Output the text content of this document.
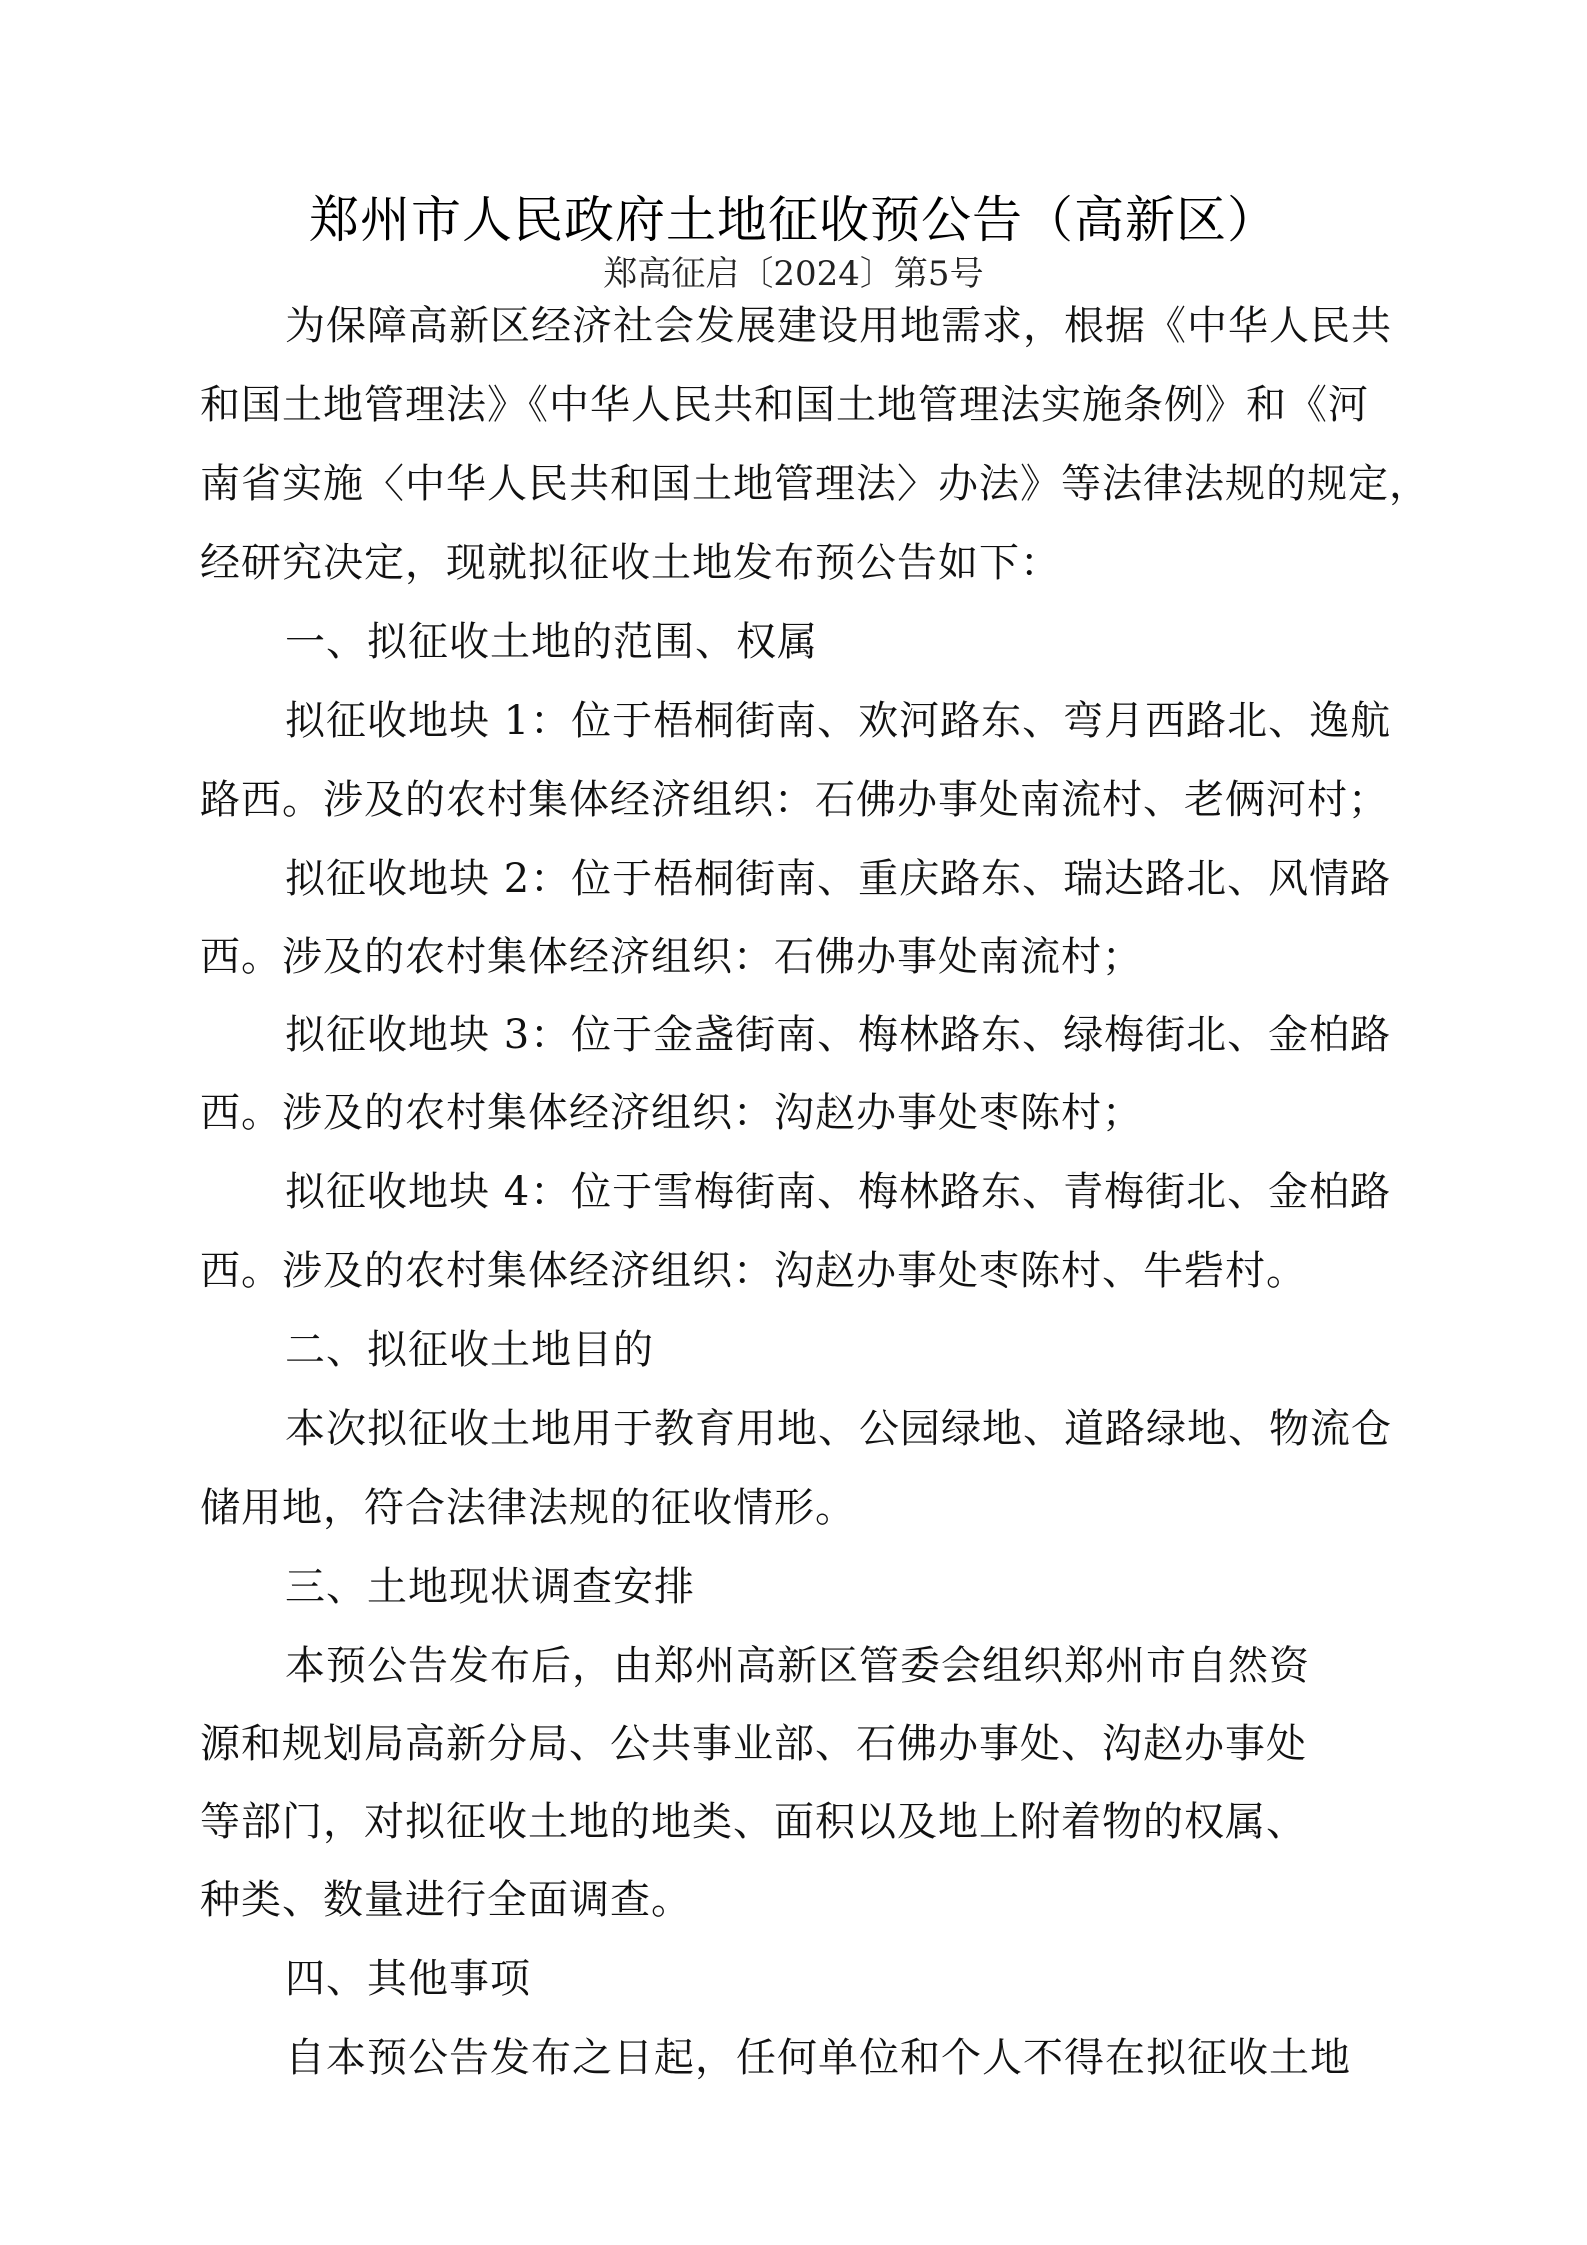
郑州市人民政府土地征收预公告（高新区）
郑高征启〔2024〕第5号
为保障高新区经济社会发展建设用地需求，根据《中华人民共
和国土地管理法》《中华人民共和国土地管理法实施条例》和《河
南省实施〈中华人民共和国土地管理法〉办法》等法律法规的规定，
经研究决定，现就拟征收土地发布预公告如下：
一、拟征收土地的范围、权属
拟征收地块 1：位于梧桐街南、欢河路东、弯月西路北、逸航
路西。涉及的农村集体经济组织：石佛办事处南流村、老俩河村；
拟征收地块 2：位于梧桐街南、重庆路东、瑞达路北、风情路
西。涉及的农村集体经济组织：石佛办事处南流村；
拟征收地块 3：位于金盏街南、梅林路东、绿梅街北、金柏路
西。涉及的农村集体经济组织：沟赵办事处枣陈村；
拟征收地块 4：位于雪梅街南、梅林路东、青梅街北、金柏路
西。涉及的农村集体经济组织：沟赵办事处枣陈村、牛砦村。
二、拟征收土地目的
本次拟征收土地用于教育用地、公园绿地、道路绿地、物流仓
储用地，符合法律法规的征收情形。
三、土地现状调查安排
本预公告发布后，由郑州高新区管委会组织郑州市自然资
源和规划局高新分局、公共事业部、石佛办事处、沟赵办事处
等部门，对拟征收土地的地类、面积以及地上附着物的权属、
种类、数量进行全面调查。
四、其他事项
自本预公告发布之日起，任何单位和个人不得在拟征收土地
